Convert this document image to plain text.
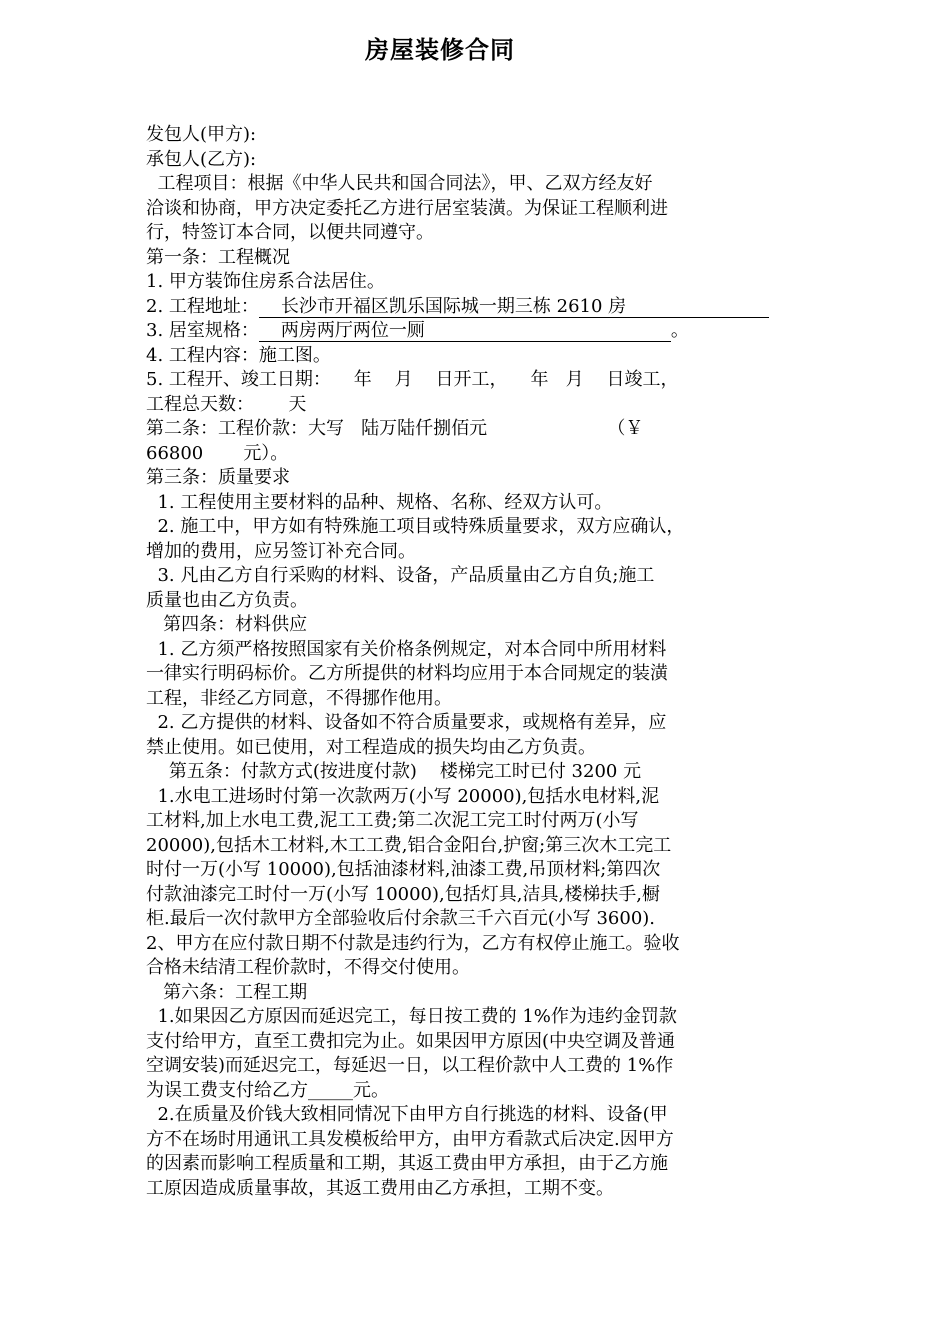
房屋装修合同
发包人(甲方):
承包人(乙方):
工程项目：根据《中华人民共和国合同法》，甲、乙双方经友好
洽谈和协商，甲方决定委托乙方进行居室装潢。为保证工程顺利进
行，特签订本合同，以便共同遵守。
第一条：工程概况
1. 甲方装饰住房系合法居住。
2. 工程地址： 长沙市开福区凯乐国际城一期三栋 2610 房
3. 居室规格： 两房两厅两位一厕	。
4. 工程内容：施工图。
5. 工程开、竣工日期：    年    月    日开工，    年   月    日竣工，
工程总天数：      天
第二条：工程价款：大写   陆万陆仟捌佰元                     （￥
66800       元）。
第三条：质量要求
1. 工程使用主要材料的品种、规格、名称、经双方认可。
2. 施工中，甲方如有特殊施工项目或特殊质量要求，双方应确认，
增加的费用，应另签订补充合同。
3. 凡由乙方自行采购的材料、设备，产品质量由乙方自负;施工
质量也由乙方负责。
第四条：材料供应
1. 乙方须严格按照国家有关价格条例规定，对本合同中所用材料
一律实行明码标价。乙方所提供的材料均应用于本合同规定的装潢
工程，非经乙方同意，不得挪作他用。
2. 乙方提供的材料、设备如不符合质量要求，或规格有差异，应
禁止使用。如已使用，对工程造成的损失均由乙方负责。
第五条：付款方式(按进度付款)    楼梯完工时已付 3200 元
1.水电工进场时付第一次款两万(小写 20000),包括水电材料,泥
工材料,加上水电工费,泥工工费;第二次泥工完工时付两万(小写
20000),包括木工材料,木工工费,铝合金阳台,护窗;第三次木工完工
时付一万(小写 10000),包括油漆材料,油漆工费,吊顶材料;第四次
付款油漆完工时付一万(小写 10000),包括灯具,洁具,楼梯扶手,橱
柜.最后一次付款甲方全部验收后付余款三千六百元(小写 3600).
2、甲方在应付款日期不付款是违约行为，乙方有权停止施工。验收
合格未结清工程价款时，不得交付使用。
第六条：工程工期
1.如果因乙方原因而延迟完工，每日按工费的 1%作为违约金罚款
支付给甲方，直至工费扣完为止。如果因甲方原因(中央空调及普通
空调安装)而延迟完工，每延迟一日，以工程价款中人工费的 1%作
为误工费支付给乙方_____元。
2.在质量及价钱大致相同情况下由甲方自行挑选的材料、设备(甲
方不在场时用通讯工具发模板给甲方，由甲方看款式后决定.因甲方
的因素而影响工程质量和工期，其返工费由甲方承担，由于乙方施
工原因造成质量事故，其返工费用由乙方承担，工期不变。
